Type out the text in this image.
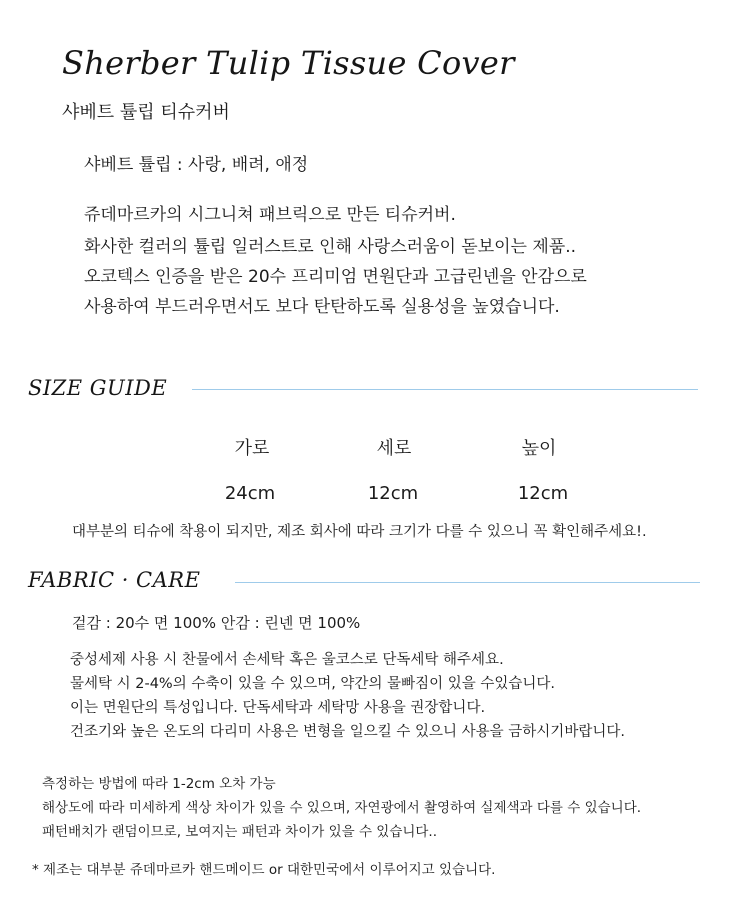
Sherber Tulip Tissue Cover
샤베트 튤립 티슈커버
샤베트 튤립 : 사랑, 배려, 애정
쥬데마르카의 시그니쳐 패브릭으로 만든 티슈커버.
화사한 컬러의 튤립 일러스트로 인해 사랑스러움이 돋보이는 제품..
오코텍스 인증을 받은 20수 프리미엄 면원단과 고급린넨을 안감으로
사용하여 부드러우면서도 보다 탄탄하도록 실용성을 높였습니다.
SIZE GUIDE
가로	세로	높이
24cm	12cm	12cm
대부분의 티슈에 착용이 되지만, 제조 회사에 따라 크기가 다를 수 있으니 꼭 확인해주세요!.
FABRIC · CARE
겉감 : 20수 면 100% 안감 : 린넨 면 100%
중성세제 사용 시 찬물에서 손세탁 혹은 울코스로 단독세탁 해주세요.
물세탁 시 2-4%의 수축이 있을 수 있으며, 약간의 물빠짐이 있을 수있습니다.
이는 면원단의 특성입니다. 단독세탁과 세탁망 사용을 권장합니다.
건조기와 높은 온도의 다리미 사용은 변형을 일으킬 수 있으니 사용을 금하시기바랍니다.
측정하는 방법에 따라 1-2cm 오차 가능
해상도에 따라 미세하게 색상 차이가 있을 수 있으며, 자연광에서 촬영하여 실제색과 다를 수 있습니다.
패턴배치가 랜덤이므로, 보여지는 패턴과 차이가 있을 수 있습니다..
* 제조는 대부분 쥬데마르카 핸드메이드 or 대한민국에서 이루어지고 있습니다.
